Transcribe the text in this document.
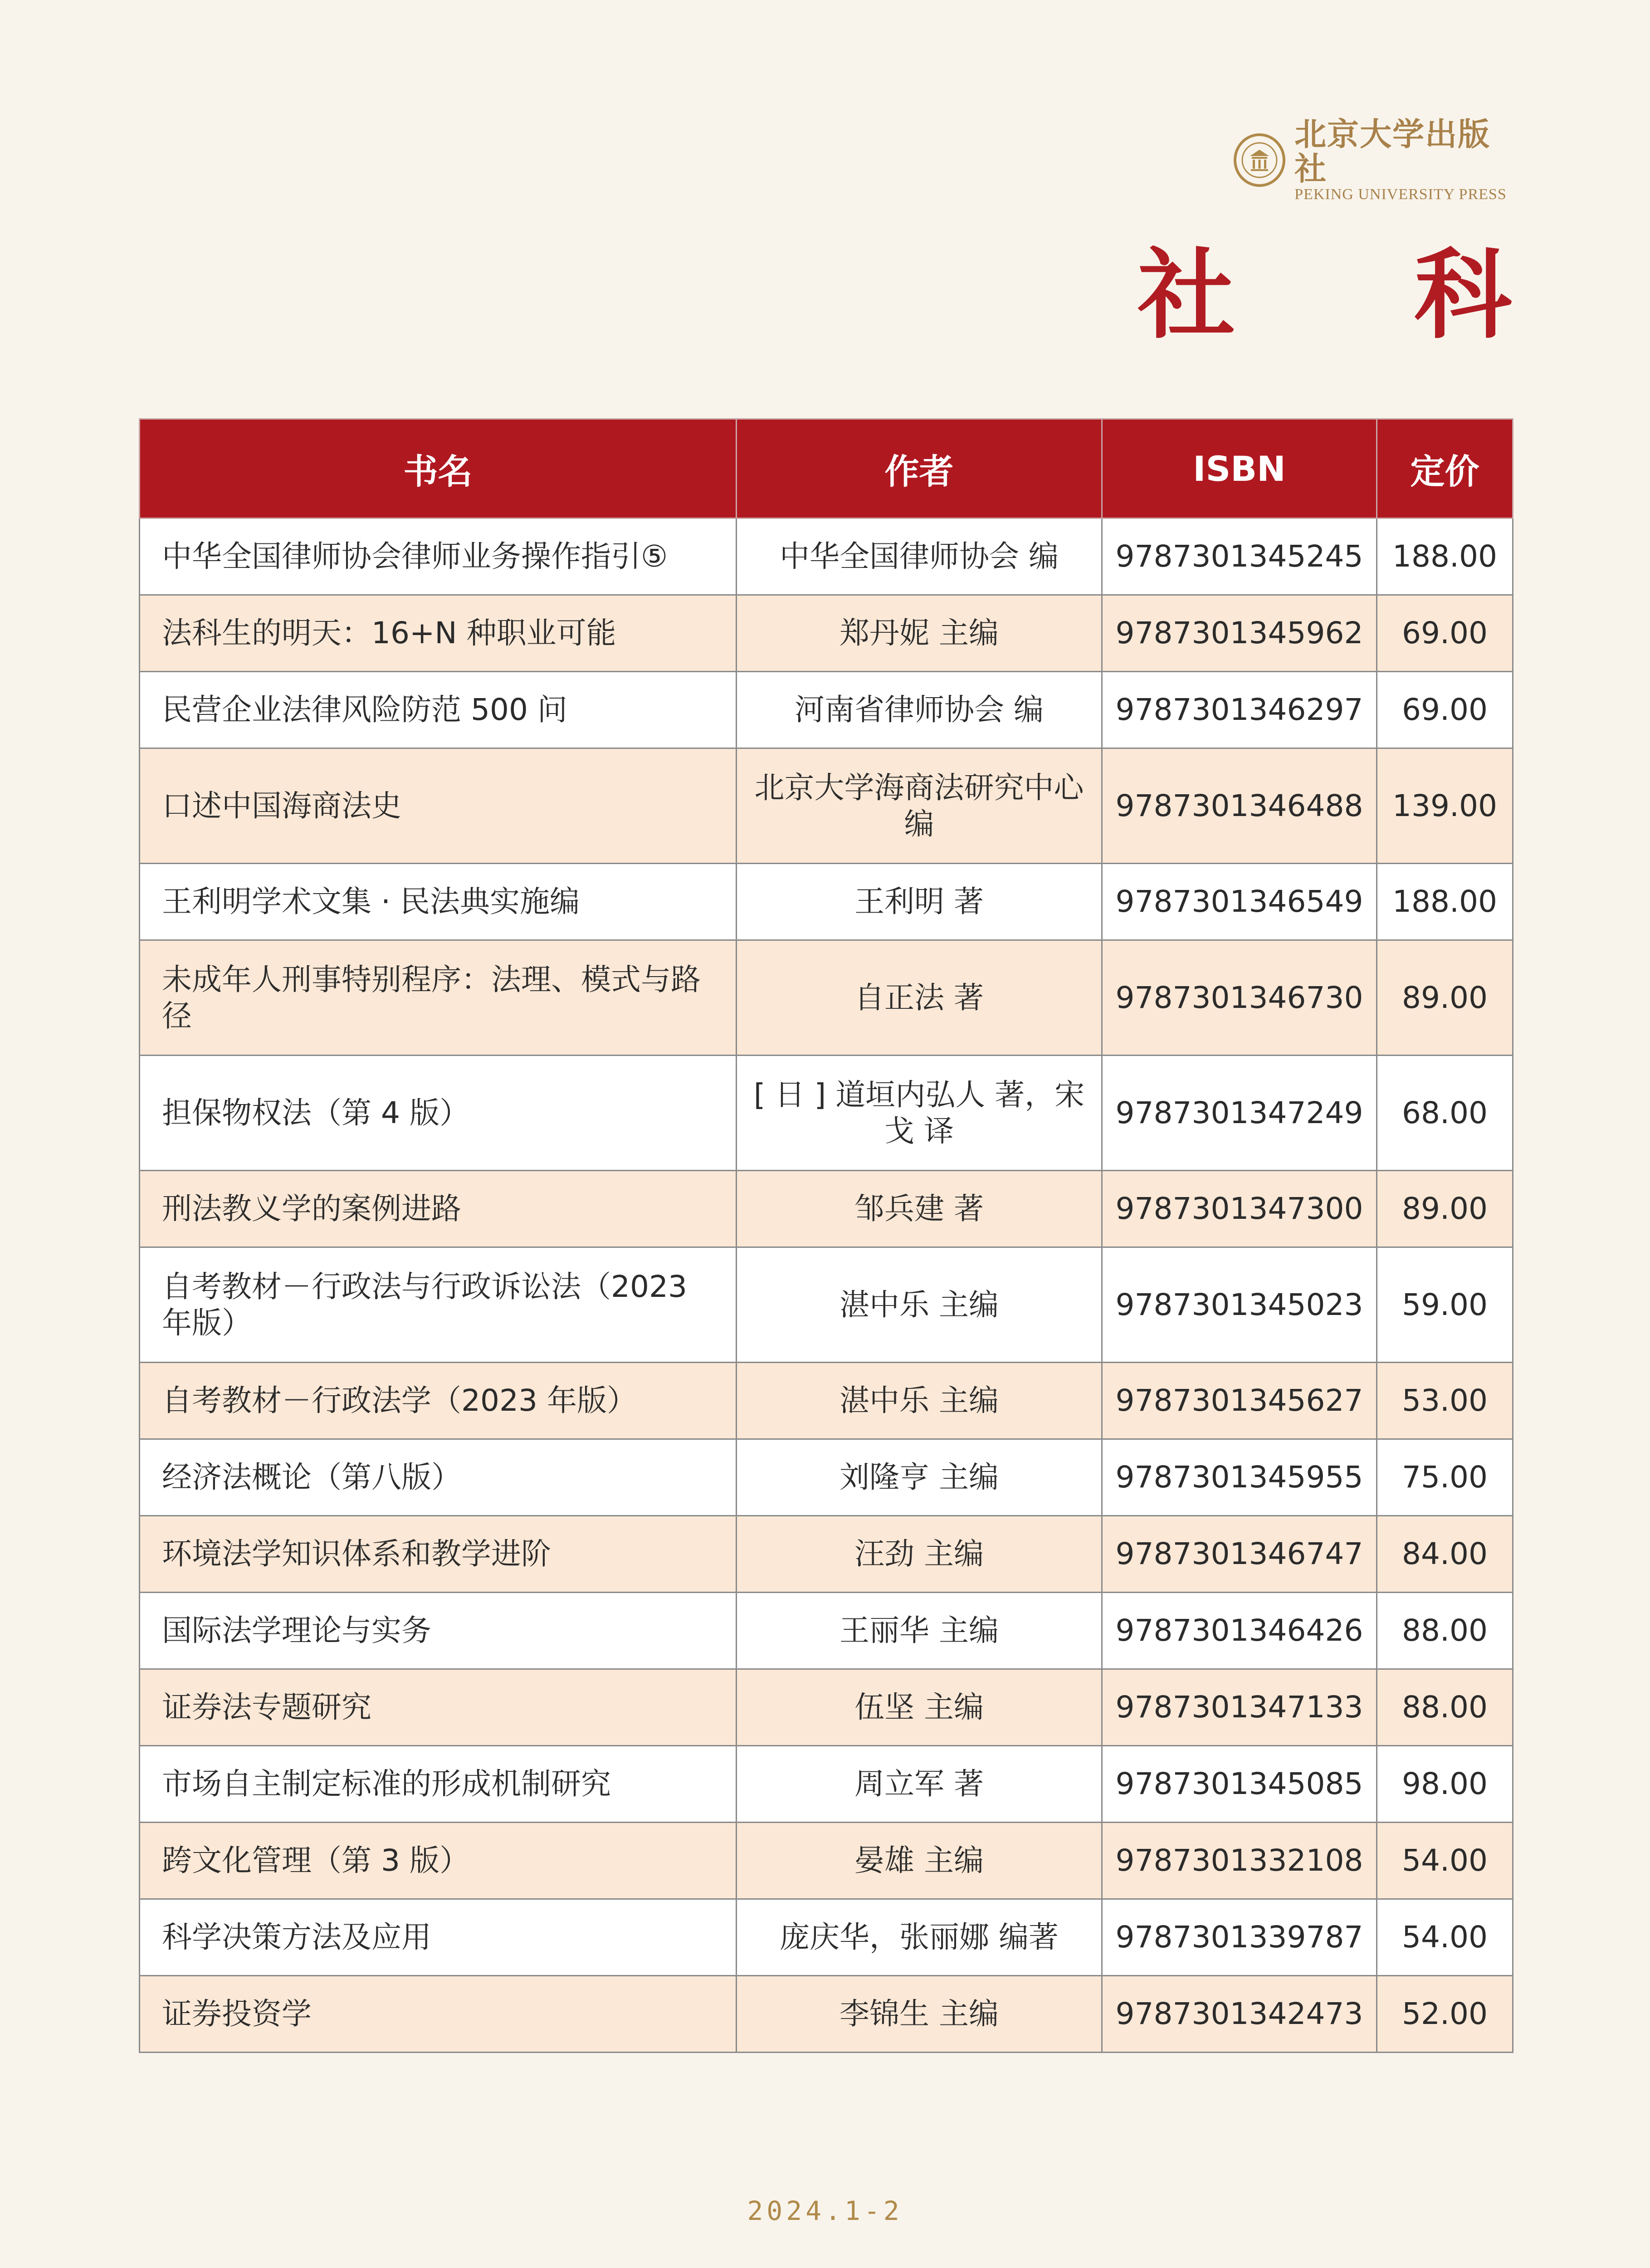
北京大学出版社
PEKING UNIVERSITY PRESS
社 科
书名	作者	ISBN	定价
中华全国律师协会律师业务操作指引⑤	中华全国律师协会 编	9787301345245	188.00
法科生的明天：16+N 种职业可能	郑丹妮 主编	9787301345962	69.00
民营企业法律风险防范 500 问	河南省律师协会 编	9787301346297	69.00
口述中国海商法史	北京大学海商法研究中心 编	9787301346488	139.00
王利明学术文集 · 民法典实施编	王利明 著	9787301346549	188.00
未成年人刑事特别程序：法理、模式与路径	自正法 著	9787301346730	89.00
担保物权法（第 4 版）	[ 日 ] 道垣内弘人 著，宋戈 译	9787301347249	68.00
刑法教义学的案例进路	邹兵建 著	9787301347300	89.00
自考教材－行政法与行政诉讼法（2023 年版）	湛中乐 主编	9787301345023	59.00
自考教材－行政法学（2023 年版）	湛中乐 主编	9787301345627	53.00
经济法概论（第八版）	刘隆亨 主编	9787301345955	75.00
环境法学知识体系和教学进阶	汪劲 主编	9787301346747	84.00
国际法学理论与实务	王丽华 主编	9787301346426	88.00
证券法专题研究	伍坚 主编	9787301347133	88.00
市场自主制定标准的形成机制研究	周立军 著	9787301345085	98.00
跨文化管理（第 3 版）	晏雄 主编	9787301332108	54.00
科学决策方法及应用	庞庆华，张丽娜 编著	9787301339787	54.00
证券投资学	李锦生 主编	9787301342473	52.00
2024.1-2
